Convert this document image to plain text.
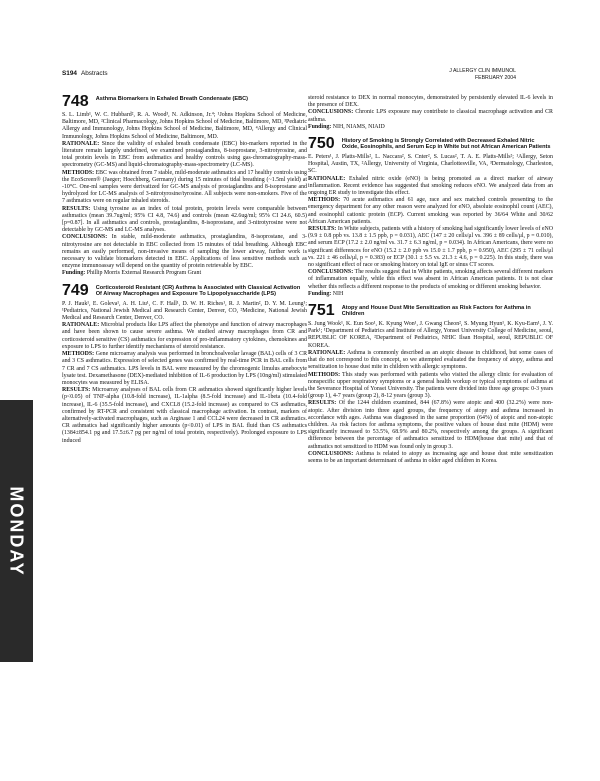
S194 Abstracts	J ALLERGY CLIN IMMUNOL
FEBRUARY 2004
MONDAY
748 Asthma Biomarkers in Exhaled Breath Condensate (EBC)

S. L. Limb¹, W. C. Hubbard², R. A. Wood³, N. Adkinson, Jr.⁴; ¹Johns Hopkins School of Medicine, Baltimore, MD, ²Clinical Pharmacology, Johns Hopkins School of Medicine, Baltimore, MD, ³Pediatric Allergy and Immunology, Johns Hopkins School of Medicine, Baltimore, MD, ⁴Allergy and Clinical Immunology, Johns Hopkins School of Medicine, Baltimore, MD.

RATIONALE: Since the validity of exhaled breath condensate (EBC) bio-markers reported in the literature remain largely undefined, we examined prostaglandins, 8-isoprostane, 3-nitrotyrosine, and total protein levels in EBC from asthmatics and healthy controls using gas-chromatography-mass-spectrometry (GC-MS) and liquid-chromatography-mass-spectrometry (LC-MS).

METHODS: EBC was obtained from 7 stable, mild-moderate asthmatics and 17 healthy controls using the EcoScreen® (Jaeger; Hoechberg, Germany) during 15 minutes of tidal breathing (~1.5ml yield) at -10°C. One-ml samples were derivatized for GC-MS analysis of prostaglandins and 8-isoprostane and hydrolyzed for LC-MS analysis of 3-nitrotyrosine/tyrosine. All subjects were non-smokers. Five of the 7 asthmatics were on regular inhaled steroids.

RESULTS: Using tyrosine as an index of total protein, protein levels were comparable between asthmatics (mean 39.7ug/ml; 95% CI 4.8, 74.6) and controls (mean 42.6ug/ml; 95% CI 24.6, 60.5) [p=0.87]. In all asthmatics and controls, prostaglandins, 8-isoprostane, and 3-nitrotyrosine were not detectable by GC-MS and LC-MS analyses.

CONCLUSIONS: In stable, mild-moderate asthmatics, prostaglandins, 8-isoprostane, and 3-nitrotyrosine are not detectable in EBC collected from 15 minutes of tidal breathing. Although EBC remains an easily performed, non-invasive means of sampling the lower airway, further work is necessary to validate biomarkers detected in EBC. Applications of less sensitive methods such as enzyme immunoassay will depend on the quantity of protein retrievable by EBC.

Funding: Phillip Morris External Research Program Grant

749 Corticosteroid Resistant (CR) Asthma Is Associated with Classical Activation Of Airway Macrophages and Exposure To Lipopolysaccharide (LPS)

P. J. Hauk¹, E. Goleva¹, A. H. Liu¹, C. F. Hall¹, D. W. H. Riches¹, R. J. Martin², D. Y. M. Leung¹; ¹Pediatrics, National Jewish Medical and Research Center, Denver, CO, ²Medicine, National Jewish Medical and Research Center, Denver, CO.

RATIONALE: Microbial products like LPS affect the phenotype and function of airway macrophages and have been shown to cause severe asthma. We studied airway macrophages from CR and corticosteroid sensitive (CS) asthmatics for expression of pro-inflammatory cytokines, chemokines and exposure to LPS to further identify mechanisms of steroid resistance.

METHODS: Gene microarray analysis was performed in bronchoalveolar lavage (BAL) cells of 3 CR and 3 CS asthmatics. Expression of selected genes was confirmed by real-time PCR in BAL cells from 7 CR and 7 CS asthmatics. LPS levels in BAL were measured by the chromogenic limulus amebocyte lysate test. Dexamethasone (DEX)-mediated inhibition of IL-6 production by LPS (10ng/ml) stimulated monocytes was measured by ELISA.

RESULTS: Microarray analyses of BAL cells from CR asthmatics showed significantly higher levels (p<0.05) of TNF-alpha (10.8-fold increase), IL-1alpha (8.5-fold increase) and IL-1beta (10.4-fold increase), IL-6 (35.5-fold increase), and CXCL8 (15.2-fold increase) as compared to CS asthmatics, confirmed by RT-PCR and consistent with classical macrophage activation. In contrast, markers of alternatively-activated macrophages, such as Arginase 1 and CCL24 were decreased in CR asthmatics. CR asthmatics had significantly higher amounts (p<0.01) of LPS in BAL fluid than CS asthmatics (1384±854.1 pg and 17.5±6.7 pg per ng/ml of total protein, respectively). Prolonged exposure to LPS induced

steroid resistance to DEX in normal monocytes, demonstrated by persistently elevated IL-6 levels in the presence of DEX.

CONCLUSIONS: Chronic LPS exposure may contribute to classical macrophage activation and CR asthma.

Funding: NIH, NIAMS, NIAID

750 History of Smoking is Strongly Correlated with Decreased Exhaled Nitric Oxide, Eosinophils, and Serum Ecp in White but not African American Patients

E. Peters¹, J. Platts-Mills², L. Naccara², S. Cnter², S. Lucas², T. A. E. Platts-Mills²; ¹Allergy, Seton Hospital, Austin, TX, ²Allergy, University of Virginia, Charlottesville, VA, ³Dermatology, Charleston, SC.

RATIONALE: Exhaled nitric oxide (eNO) is being promoted as a direct marker of airway inflammation. Recent evidence has suggested that smoking reduces eNO. We analyzed data from an ongoing ER study to investigate this effect.

METHODS: 70 acute asthmatics and 61 age, race and sex matched controls presenting to the emergency department for any other reason were analyzed for eNO, absolute eosinophil count (AEC), and eosinophil cationic protein (ECP). Current smoking was reported by 36/64 White and 30/62 African American patients.

RESULTS: In White subjects, patients with a history of smoking had significantly lower levels of eNO (9.9 ± 0.8 ppb vs. 13.8 ± 1.5 ppb, p = 0.031), AEC (147 ± 20 cells/μl vs. 396 ± 89 cells/μl, p = 0.010), and serum ECP (17.2 ± 2.0 ng/ml vs. 31.7 ± 6.3 ng/ml, p = 0.034). In African Americans, there were no significant differences for eNO (15.2 ± 2.0 ppb vs 15.0 ± 1.7 ppb, p = 0.950), AEC (295 ± 71 cells/μl vs. 221 ± 46 cells/μl, p = 0.383) or ECP (30.1 ± 5.5 vs. 21.3 ± 4.6, p = 0.225). In this study, there was no significant effect of race or smoking history on total IgE or sinus CT scores.

CONCLUSIONS: The results suggest that in White patients, smoking affects several different markers of inflammation equally, while this effect was absent in African American patients. It is not clear whether this reflects a different response to the products of smoking or different smoking behavior.

Funding: NIH

751 Atopy and House Dust Mite Sensitization as Risk Factors for Asthma in Children

S. Jung Wook¹, K. Eun Soo¹, K. Kyung Won¹, J. Gwang Cheon², S. Myung Hyun¹, K. Kyu-Earn¹, J. Y. Park¹; ¹Department of Pediatrics and Institute of Allergy, Yonsei University College of Medicine, seoul, REPUBLIC OF KOREA, ²Department of Pediatrics, NHIC Ilsan Hospital, seoul, REPUBLIC OF KOREA.

RATIONALE: Asthma is commonly described as an atopic disease in childhood, but some cases of that do not correspond to this concept, so we attempted evaluated the frequency of atopy, asthma and sensitization to house dust mite in children with allergic symptoms.

METHODS: This study was performed with patients who visited the allergy clinic for evaluation of nonspecific upper respiratory symptoms or a general health workup or typical symptoms of asthma at the Severance Hospital of Yonsei University. The patients were divided into three age groups: 0-3 years (group 1), 4-7 years (group 2), 8-12 years (group 3).

RESULTS: Of the 1244 children examined, 844 (67.8%) were atopic and 400 (32.2%) were non-atopic. After division into three aged groups, the frequency of atopy and asthma increased in accordance with ages. Asthma was diagnosed in the same proportion (64%) of atopic and non-atopic children. As risk factors for asthma symptoms, the positive values of house dust mite (HDM) were significantly increased to 53.5%, 68.9% and 80.2%, respectively among the groups. A significant difference between the percentage of asthmatics sensitized to HDM(house dust mite) and that of asthmatics not sensitized to HDM was found only in group 3.

CONCLUSIONS: Asthma is related to atopy as increasing age and house dust mite sensitization seems to be an important determinant of asthma in older aged children in Korea.
